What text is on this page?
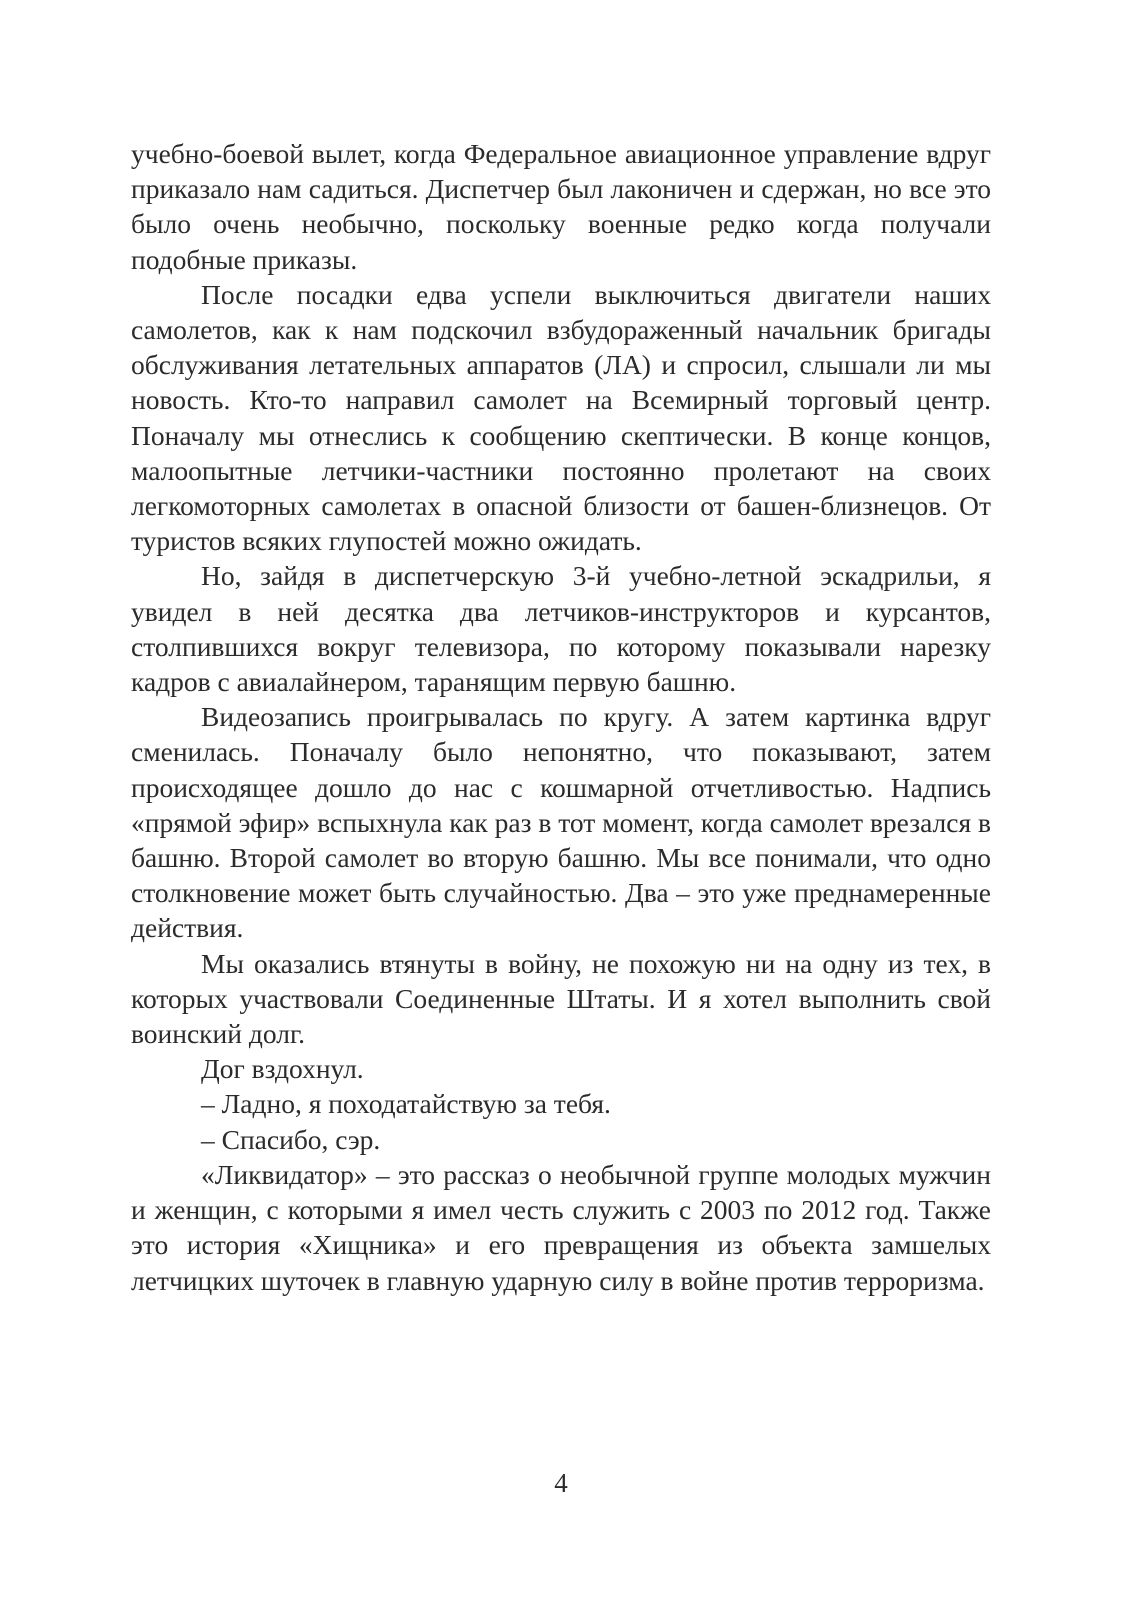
учебно-боевой вылет, когда Федеральное авиационное управление вдруг приказало нам садиться. Диспетчер был лаконичен и сдержан, но все это было очень необычно, поскольку военные редко когда получали подобные приказы.

После посадки едва успели выключиться двигатели наших самолетов, как к нам подскочил взбудораженный начальник бригады обслуживания летательных аппаратов (ЛА) и спросил, слышали ли мы новость. Кто-то направил самолет на Всемирный торговый центр. Поначалу мы отнеслись к сообщению скептически. В конце концов, малоопытные летчики-частники постоянно пролетают на своих легкомоторных самолетах в опасной близости от башен-близнецов. От туристов всяких глупостей можно ожидать.

Но, зайдя в диспетчерскую 3-й учебно-летной эскадрильи, я увидел в ней десятка два летчиков-инструкторов и курсантов, столпившихся вокруг телевизора, по которому показывали нарезку кадров с авиалайнером, таранящим первую башню.

Видеозапись проигрывалась по кругу. А затем картинка вдруг сменилась. Поначалу было непонятно, что показывают, затем происходящее дошло до нас с кошмарной отчетливостью. Надпись «прямой эфир» вспыхнула как раз в тот момент, когда самолет врезался в башню. Второй самолет во вторую башню. Мы все понимали, что одно столкновение может быть случайностью. Два – это уже преднамеренные действия.

Мы оказались втянуты в войну, не похожую ни на одну из тех, в которых участвовали Соединенные Штаты. И я хотел выполнить свой воинский долг.

Дог вздохнул.

– Ладно, я походатайствую за тебя.

– Спасибо, сэр.

«Ликвидатор» – это рассказ о необычной группе молодых мужчин и женщин, с которыми я имел честь служить с 2003 по 2012 год. Также это история «Хищника» и его превращения из объекта замшелых летчицких шуточек в главную ударную силу в войне против терроризма.

4
